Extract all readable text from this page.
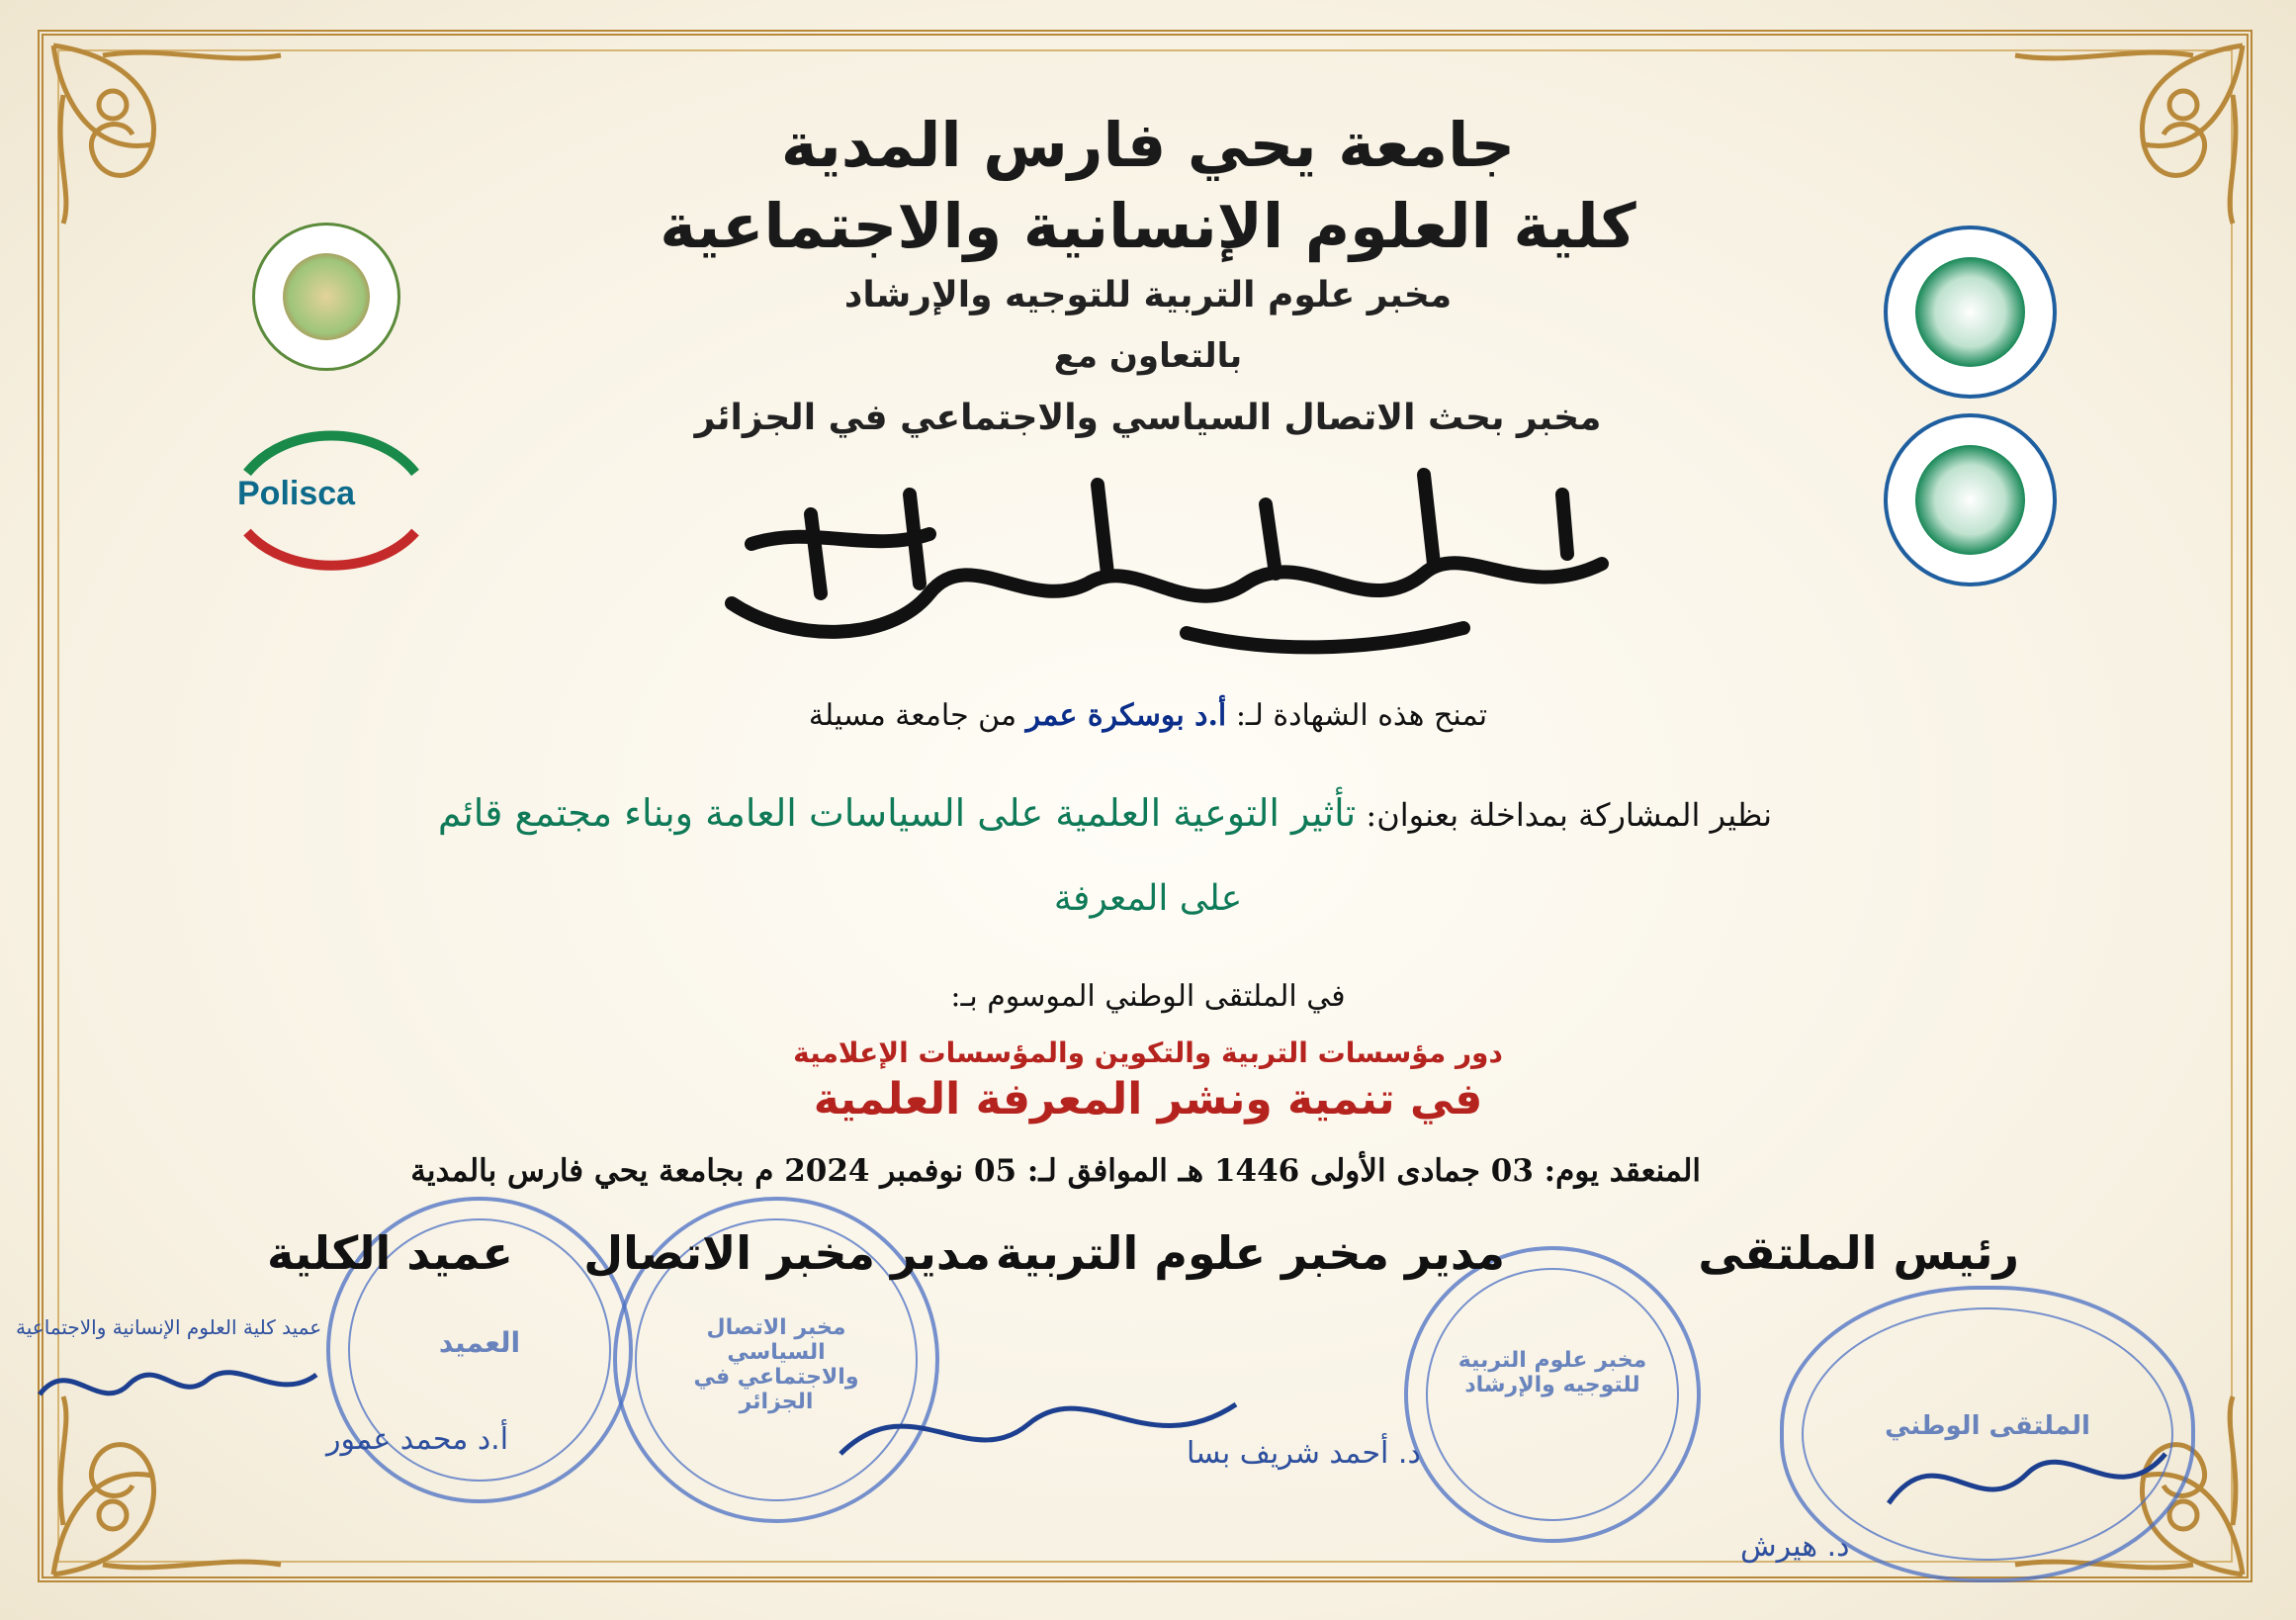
Polisca
جامعة يحي فارس المدية
كلية العلوم الإنسانية والاجتماعية
مخبر علوم التربية للتوجيه والإرشاد
بالتعاون مع
مخبر بحث الاتصال السياسي والاجتماعي في الجزائر
تمنح هذه الشهادة لـ: أ.د بوسكرة عمر من جامعة مسيلة
نظير المشاركة بمداخلة بعنوان: تأثير التوعية العلمية على السياسات العامة وبناء مجتمع قائم
على المعرفة
في الملتقى الوطني الموسوم بـ:
دور مؤسسات التربية والتكوين والمؤسسات الإعلامية
في تنمية ونشر المعرفة العلمية
المنعقد يوم: 03 جمادى الأولى 1446 هـ الموافق لـ: 05 نوفمبر 2024 م بجامعة يحي فارس بالمدية
العميد	مخبر الاتصال السياسي والاجتماعي في الجزائر
مخبر علوم التربية للتوجيه والإرشاد
الملتقى الوطني
رئيس الملتقى
مدير مخبر علوم التربية
مدير مخبر الاتصال
عميد الكلية
أ.د محمد عمور	د. أحمد شريف بسا
د. هيرش
عميد كلية العلوم الإنسانية والاجتماعية
